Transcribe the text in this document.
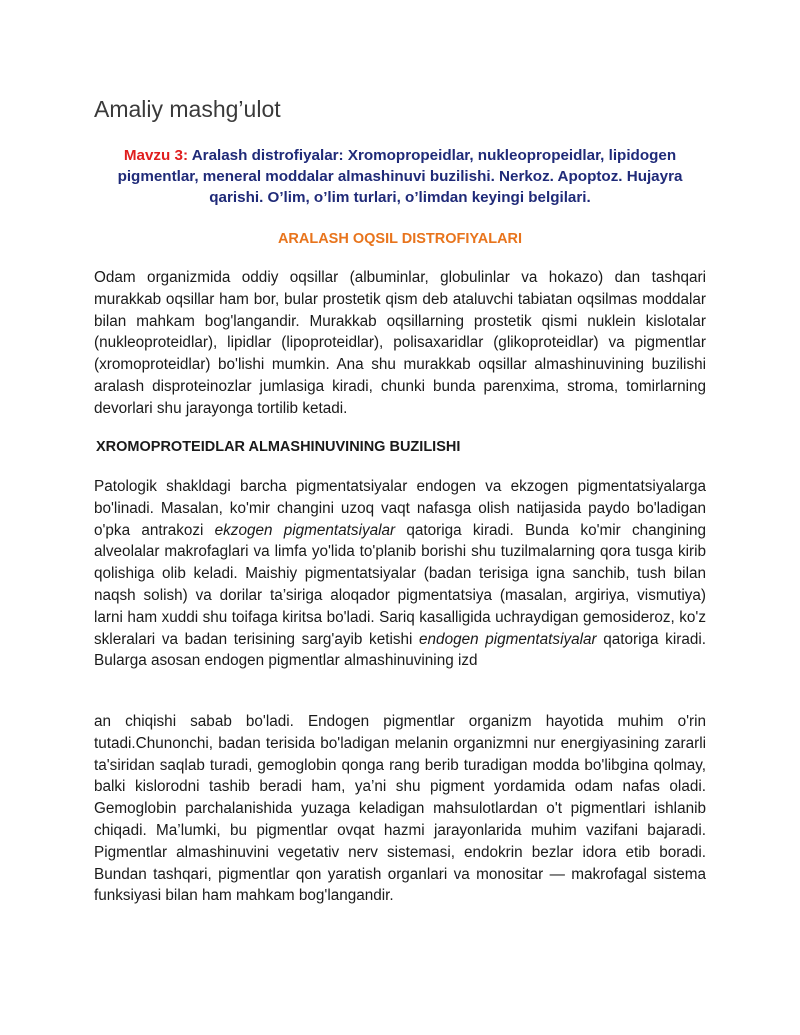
Amaliy mashg’ulot
Mavzu 3: Aralash distrofiyalar: Xromopropeidlar, nukleopropeidlar, lipidogen pigmentlar, meneral moddalar almashinuvi buzilishi. Nerkoz. Apoptoz. Hujayra qarishi. O’lim, o’lim turlari, o’limdan keyingi belgilari.
ARALASH OQSIL DISTROFIYALARI

Odam organizmida oddiy oqsillar (albuminlar, globulinlar va hokazo) dan tashqari murakkab oqsillar ham bor, bular prostetik qism deb ataluvchi tabiatan oqsilmas moddalar bilan mahkam bog'langandir. Murakkab oqsillarning prostetik qismi nuklein kislotalar (nukleoproteidlar), lipidlar (lipoproteidlar), polisaxaridlar (glikoproteidlar) va pigmentlar (xromoproteidlar) bo'lishi mumkin. Ana shu murakkab oqsillar almashinuvining buzilishi aralash disproteinozlar jumlasiga kiradi, chunki bunda parenxima, stroma, tomirlarning devorlari shu jarayonga tortilib ketadi.

XROMOPROTEIDLAR ALMASHINUVINING BUZILISHI

Patologik shakldagi barcha pigmentatsiyalar endogen va ekzogen pigmentatsiyalarga bo'linadi. Masalan, ko'mir changini uzoq vaqt nafasga olish natijasida paydo bo'ladigan o'pka antrakozi ekzogen pigmentatsiyalar qatoriga kiradi. Bunda ko'mir changining alveolalar makrofaglari va limfa yo'lida to'planib borishi shu tuzilmalarning qora tusga kirib qolishiga olib keladi. Maishiy pigmentatsiyalar (badan terisiga igna sanchib, tush bilan naqsh solish) va dorilar ta’siriga aloqador pigmentatsiya (masalan, argiriya, vismutiya) larni ham xuddi shu toifaga kiritsa bo'ladi. Sariq kasalligida uchraydigan gemosideroz, ko'z skleralari va badan terisining sarg'ayib ketishi endogen pigmentatsiyalar qatoriga kiradi. Bularga asosan endogen pigmentlar almashinuvining izd

an chiqishi sabab bo'ladi. Endogen pigmentlar organizm hayotida muhim o'rin tutadi.Chunonchi, badan terisida bo'ladigan melanin organizmni nur energiyasining zararli ta'siridan saqlab turadi, gemoglobin qonga rang berib turadigan modda bo'libgina qolmay, balki kislorodni tashib beradi ham, ya’ni shu pigment yordamida odam nafas oladi. Gemoglobin parchalanishida yuzaga keladigan mahsulotlardan o't pigmentlari ishlanib chiqadi. Ma’lumki, bu pigmentlar ovqat hazmi jarayonlarida muhim vazifani bajaradi. Pigmentlar almashinuvini vegetativ nerv sistemasi, endokrin bezlar idora etib boradi. Bundan tashqari, pigmentlar qon yaratish organlari va monositar — makrofagal sistema funksiyasi bilan ham mahkam bog'langandir.
